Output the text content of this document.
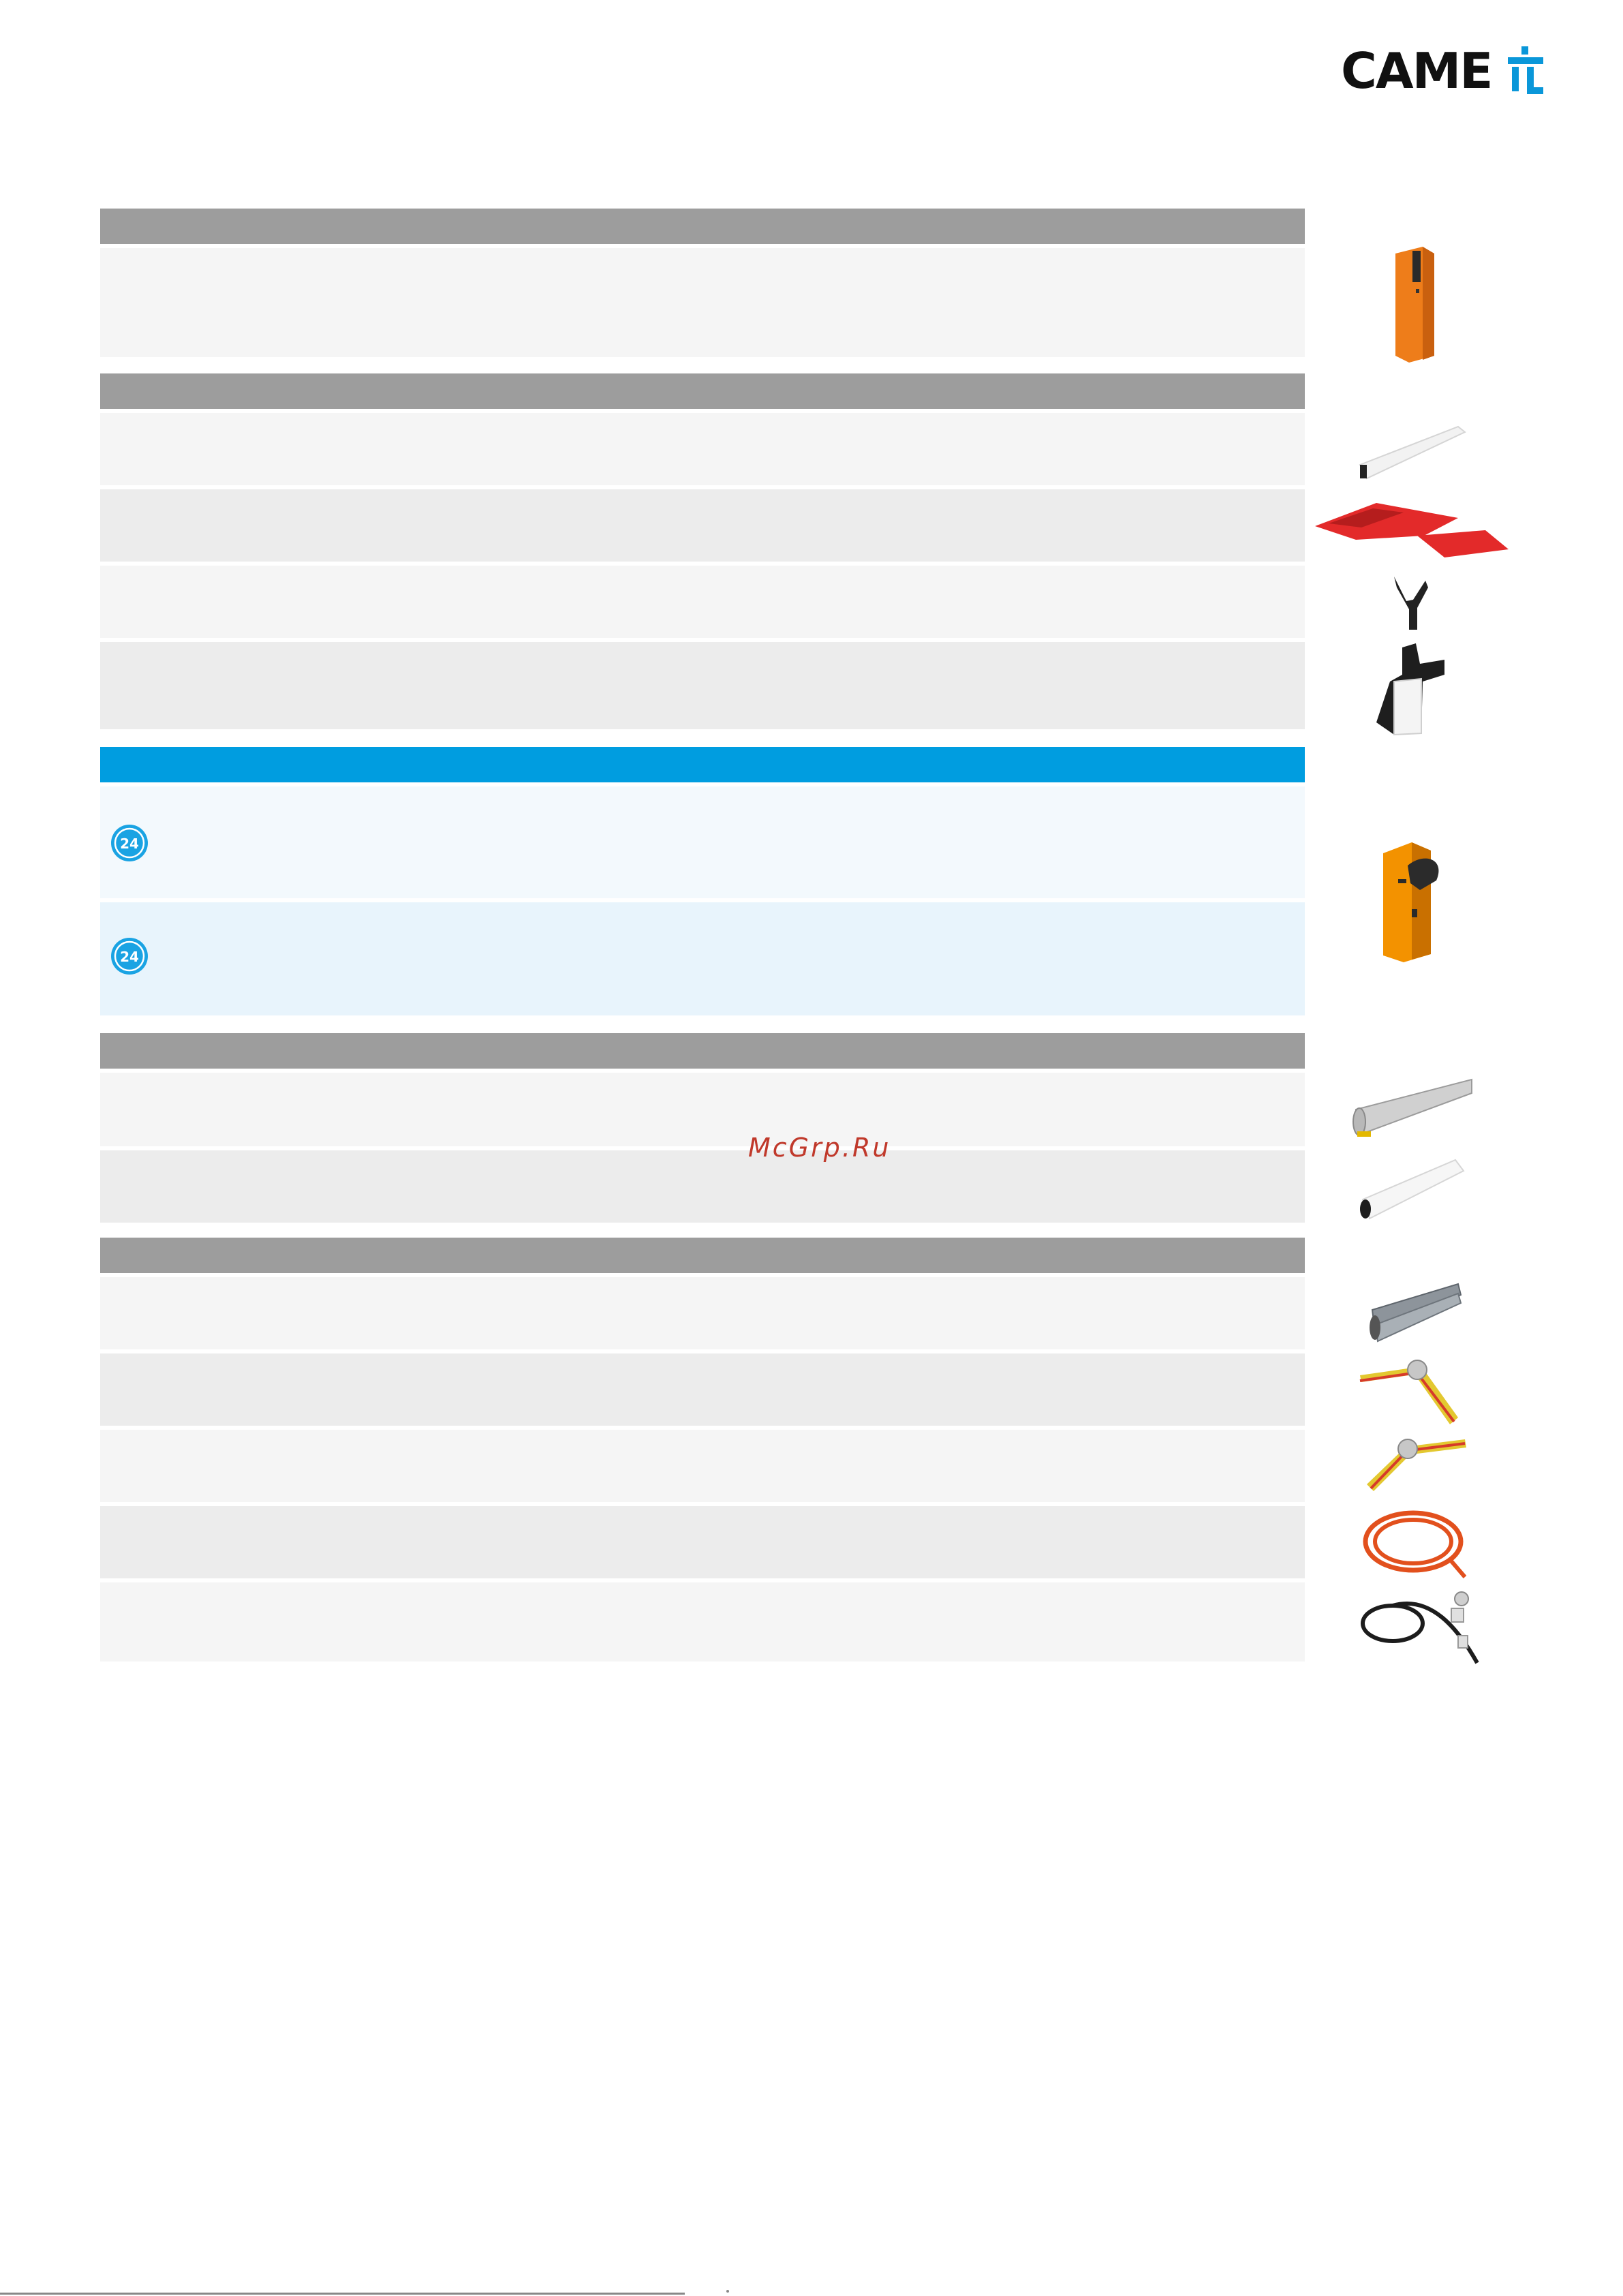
CAME
24
24
McGrp.Ru
